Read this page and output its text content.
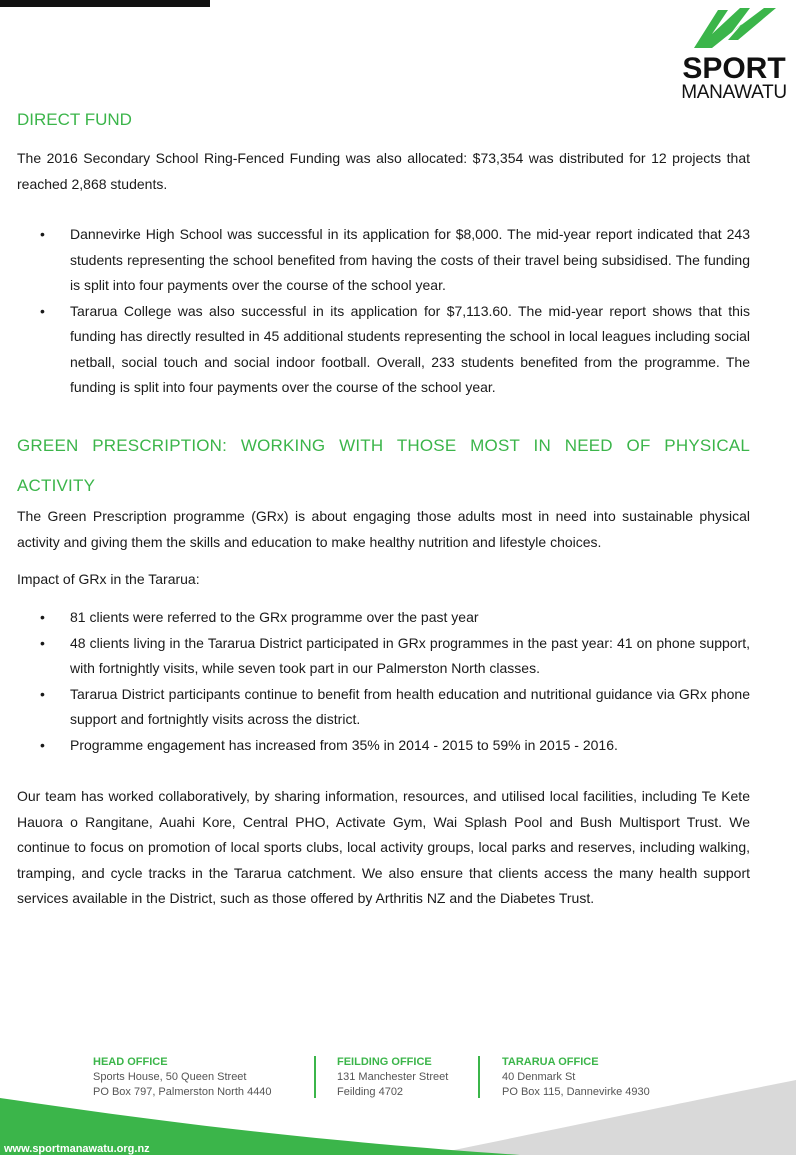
SPORT
MANAWATU
DIRECT FUND

The 2016 Secondary School Ring-Fenced Funding was also allocated: $73,354 was distributed for 12 projects that reached 2,868 students.

• Dannevirke High School was successful in its application for $8,000. The mid-year report indicated that 243 students representing the school benefited from having the costs of their travel being subsidised. The funding is split into four payments over the course of the school year.
• Tararua College was also successful in its application for $7,113.60. The mid-year report shows that this funding has directly resulted in 45 additional students representing the school in local leagues including social netball, social touch and social indoor football. Overall, 233 students benefited from the programme. The funding is split into four payments over the course of the school year.
GREEN PRESCRIPTION: WORKING WITH THOSE MOST IN NEED OF PHYSICAL ACTIVITY

The Green Prescription programme (GRx) is about engaging those adults most in need into sustainable physical activity and giving them the skills and education to make healthy nutrition and lifestyle choices.

Impact of GRx in the Tararua:

• 81 clients were referred to the GRx programme over the past year
• 48 clients living in the Tararua District participated in GRx programmes in the past year: 41 on phone support, with fortnightly visits, while seven took part in our Palmerston North classes.
• Tararua District participants continue to benefit from health education and nutritional guidance via GRx phone support and fortnightly visits across the district.
• Programme engagement has increased from 35% in 2014 - 2015 to 59% in 2015 - 2016.

Our team has worked collaboratively, by sharing information, resources, and utilised local facilities, including Te Kete Hauora o Rangitane, Auahi Kore, Central PHO, Activate Gym, Wai Splash Pool and Bush Multisport Trust. We continue to focus on promotion of local sports clubs, local activity groups, local parks and reserves, including walking, tramping, and cycle tracks in the Tararua catchment. We also ensure that clients access the many health support services available in the District, such as those offered by Arthritis NZ and the Diabetes Trust.

HEAD OFFICE
Sports House, 50 Queen Street
PO Box 797, Palmerston North 4440
FEILDING OFFICE
131 Manchester Street
Feilding 4702
TARARUA OFFICE
40 Denmark St
PO Box 115, Dannevirke 4930
www.sportmanawatu.org.nz
